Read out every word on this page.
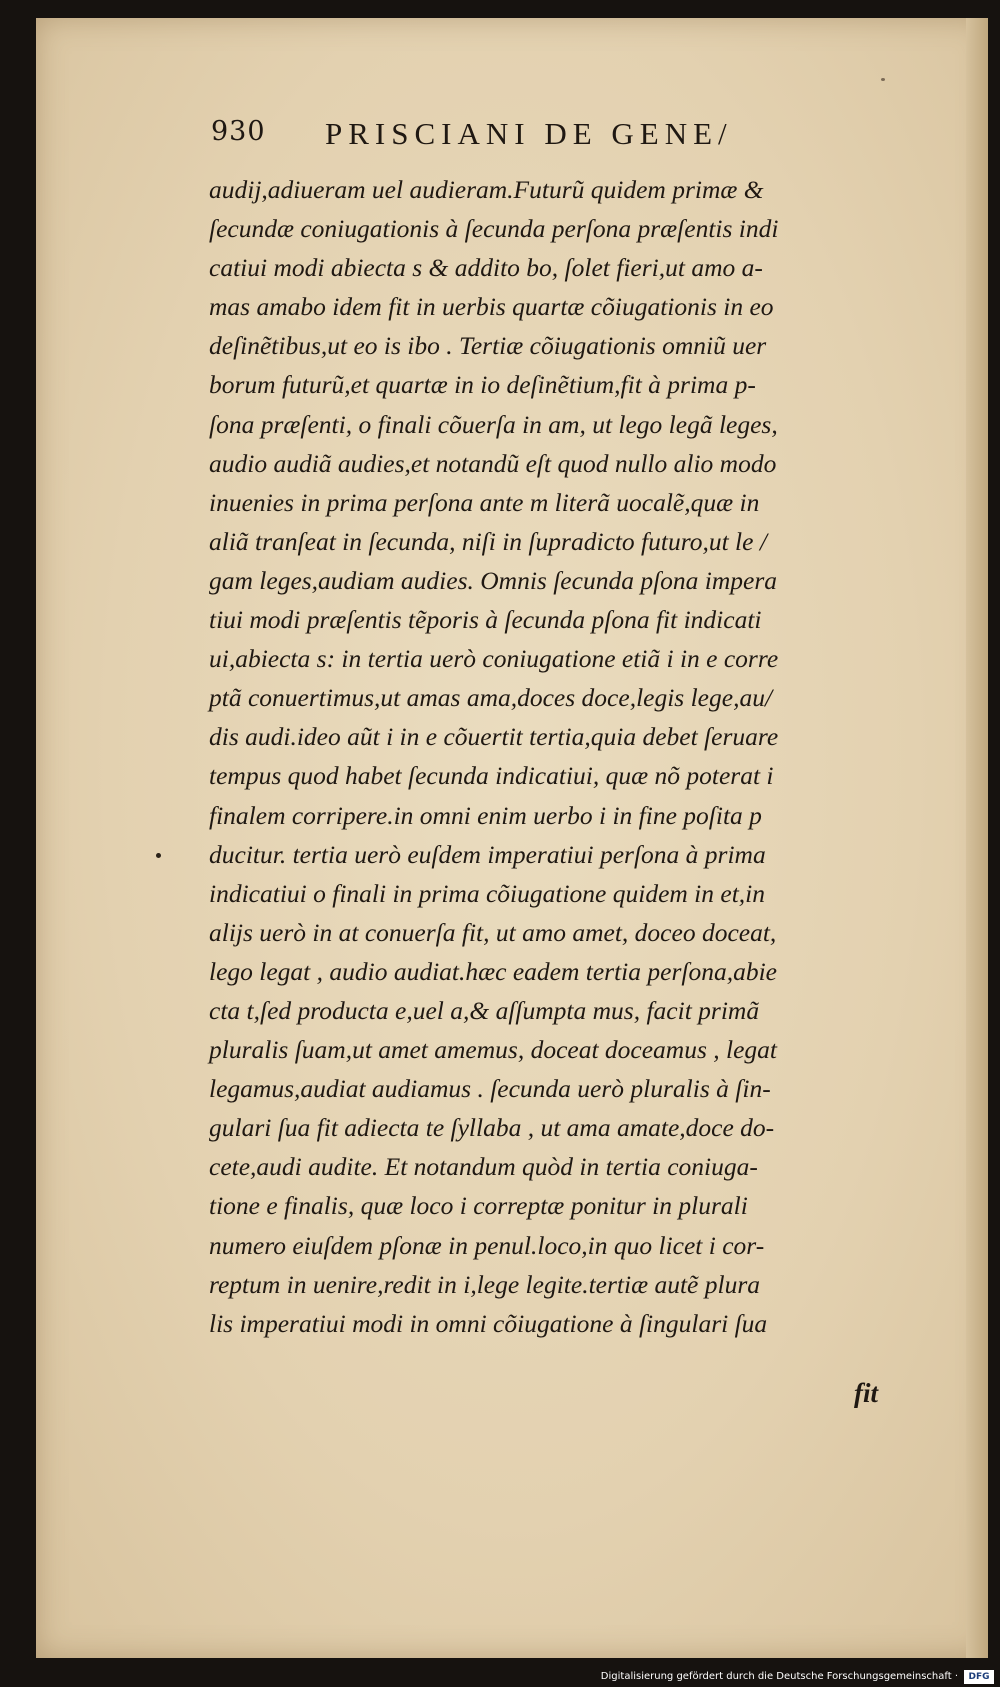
930 PRISCIANI DE GENE/
audij,adiueram uel audieram.Futurũ quidem primæ &
ſecundæ coniugationis à ſecunda perſona præſentis indi
catiui modi abiecta s & addito bo, ſolet fieri,ut amo a-
mas amabo idem fit in uerbis quartæ cõiugationis in eo
deſinẽtibus,ut eo is ibo . Tertiæ cõiugationis omniũ uer
borum futurũ,et quartæ in io deſinẽtium,fit à prima p-
ſona præſenti, o finali cõuerſa in am, ut lego legã leges,
audio audiã audies,et notandũ eſt quod nullo alio modo
inuenies in prima perſona ante m literã uocalẽ,quæ in
aliã tranſeat in ſecunda, niſi in ſupradicto futuro,ut le /
gam leges,audiam audies. Omnis ſecunda pſona impera
tiui modi præſentis tẽporis à ſecunda pſona fit indicati
ui,abiecta s: in tertia uerò coniugatione etiã i in e corre
ptã conuertimus,ut amas ama,doces doce,legis lege,au/
dis audi.ideo aũt i in e cõuertit tertia,quia debet ſeruare
tempus quod habet ſecunda indicatiui, quæ nõ poterat i
finalem corripere.in omni enim uerbo i in fine poſita p
ducitur. tertia uerò euſdem imperatiui perſona à prima
indicatiui o finali in prima cõiugatione quidem in et,in
alijs uerò in at conuerſa fit, ut amo amet, doceo doceat,
lego legat , audio audiat.hæc eadem tertia perſona,abie
cta t,ſed producta e,uel a,& aſſumpta mus, facit primã
pluralis ſuam,ut amet amemus, doceat doceamus , legat
legamus,audiat audiamus . ſecunda uerò pluralis à ſin-
gulari ſua fit adiecta te ſyllaba , ut ama amate,doce do-
cete,audi audite. Et notandum quòd in tertia coniuga-
tione e finalis, quæ loco i correptæ ponitur in plurali
numero eiuſdem pſonæ in penul.loco,in quo licet i cor-
reptum in uenire,redit in i,lege legite.tertiæ autẽ plura
lis imperatiui modi in omni cõiugatione à ſingulari ſua
fit
Digitalisierung gefördert durch die Deutsche Forschungsgemeinschaft ·	DFG
